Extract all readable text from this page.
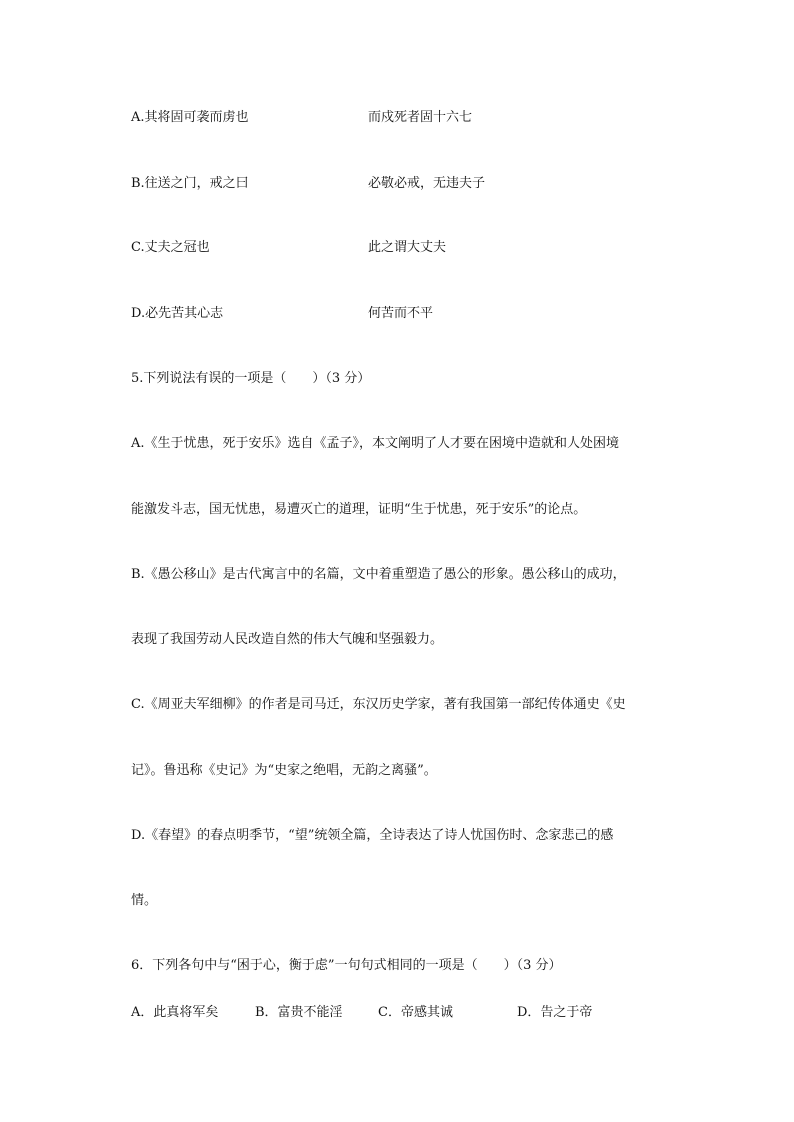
A.其将固可袭而虏也	而戍死者固十六七

B.往送之门，戒之曰	必敬必戒，无违夫子

C.丈夫之冠也	此之谓大丈夫

D.必先苦其心志	何苦而不平

5.下列说法有误的一项是（　　）（3 分）

A.《生于忧患，死于安乐》选自《孟子》，本文阐明了人才要在困境中造就和人处困境

能激发斗志，国无忧患，易遭灭亡的道理，证明“生于忧患，死于安乐”的论点。

B.《愚公移山》是古代寓言中的名篇，文中着重塑造了愚公的形象。愚公移山的成功，

表现了我国劳动人民改造自然的伟大气魄和坚强毅力。

C.《周亚夫军细柳》的作者是司马迁，东汉历史学家，著有我国第一部纪传体通史《史

记》。鲁迅称《史记》为“史家之绝唱，无韵之离骚”。

D.《春望》的春点明季节，“望”统领全篇，全诗表达了诗人忧国伤时、念家悲己的感

情。

6．下列各句中与“困于心，衡于虑”一句句式相同的一项是（　　）（3 分）

A．此真将军矣	B．富贵不能淫	C．帝感其诚	D．告之于帝
